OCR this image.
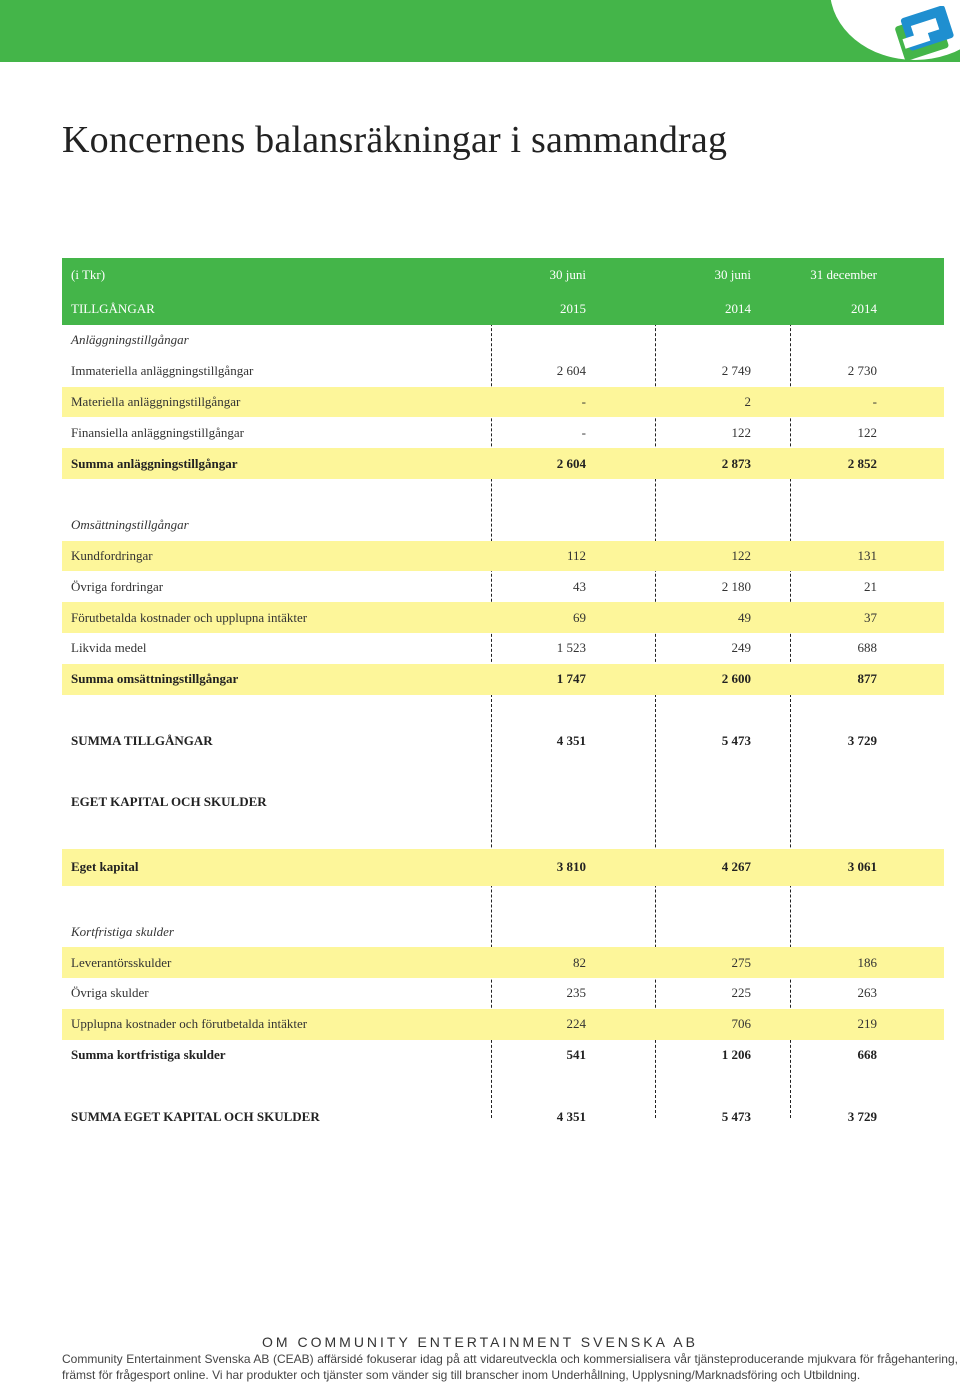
Koncernens balansräkningar i sammandrag
(i Tkr)	30 juni	30 juni	31 december
TILLGÅNGAR	2015	2014	2014
Anläggningstillgångar
Immateriella anläggningstillgångar	2 604	2 749	2 730
Materiella anläggningstillgångar	-	2	-
Finansiella anläggningstillgångar	-	122	122
Summa anläggningstillgångar	2 604	2 873	2 852
Omsättningstillgångar
Kundfordringar	112	122	131
Övriga fordringar	43	2 180	21
Förutbetalda kostnader och upplupna intäkter	69	49	37
Likvida medel	1 523	249	688
Summa omsättningstillgångar	1 747	2 600	877
SUMMA TILLGÅNGAR	4 351	5 473	3 729
EGET KAPITAL OCH SKULDER
Eget kapital	3 810	4 267	3 061
Kortfristiga skulder
Leverantörsskulder	82	275	186
Övriga skulder	235	225	263
Upplupna kostnader och förutbetalda intäkter	224	706	219
Summa kortfristiga skulder	541	1 206	668
SUMMA EGET KAPITAL OCH SKULDER	4 351	5 473	3 729
OM COMMUNITY ENTERTAINMENT SVENSKA AB
Community Entertainment Svenska AB (CEAB) affärsidé fokuserar idag på att vidareutveckla och kommersialisera vår tjänsteproducerande mjukvara för frågehantering, främst för frågesport online. Vi har produkter och tjänster som vänder sig till branscher inom Underhållning, Upplysning/Marknadsföring och Utbildning.
